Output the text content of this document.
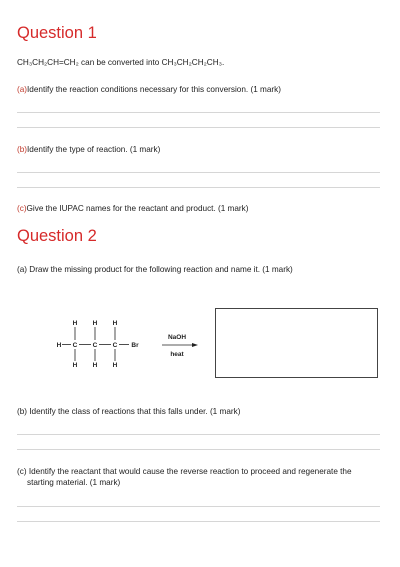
Question 1

CH₃CH₂CH=CH₂ can be converted into CH₃CH₂CH₂CH₃.

(a)Identify the reaction conditions necessary for this conversion. (1 mark)

(b)Identify the type of reaction. (1 mark)

(c)Give the IUPAC names for the reactant and product. (1 mark)

Question 2

(a) Draw the missing product for the following reaction and name it. (1 mark)

H H H
H C C C Br
H H H
NaOH
heat

(b) Identify the class of reactions that this falls under. (1 mark)

(c) Identify the reactant that would cause the reverse reaction to proceed and regenerate the starting material. (1 mark)
